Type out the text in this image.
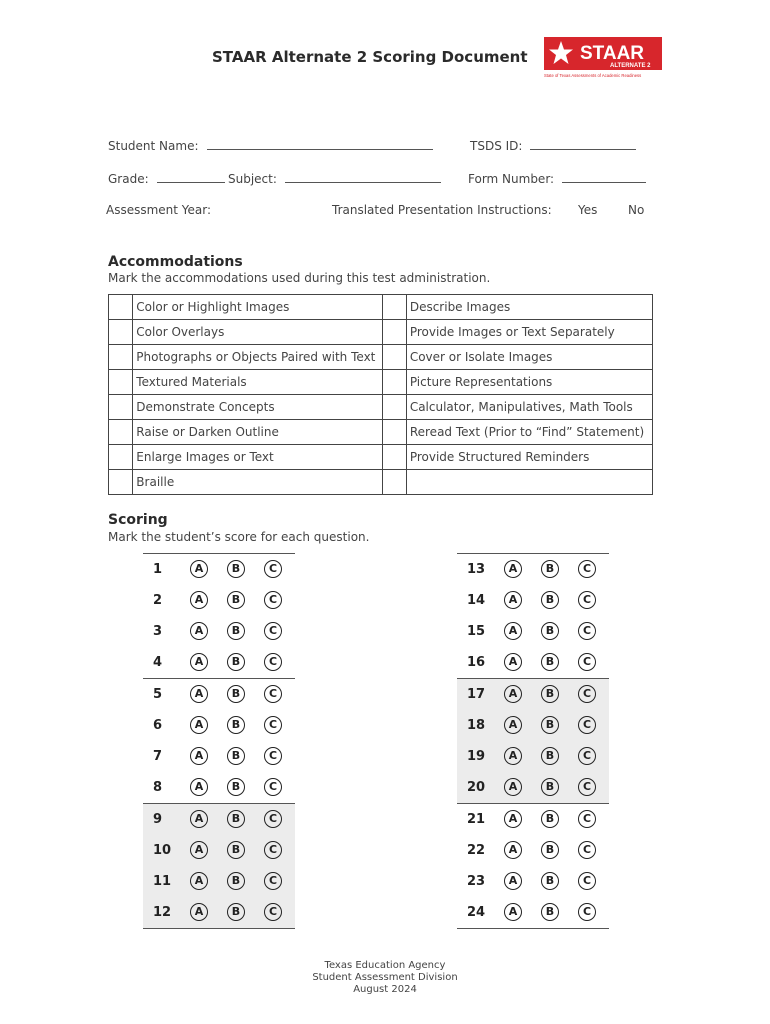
STAAR Alternate 2 Scoring Document	STAAR
ALTERNATE 2
State of Texas Assessments of Academic Readiness
Student Name:	TSDS ID:
Grade:	Subject:	Form Number:
Assessment Year:	Translated Presentation Instructions: Yes	No
Accommodations
Mark the accommodations used during this test administration.
	Color or Highlight Images		Describe Images
	Color Overlays		Provide Images or Text Separately
	Photographs or Objects Paired with Text		Cover or Isolate Images
	Textured Materials		Picture Representations
	Demonstrate Concepts		Calculator, Manipulatives, Math Tools
	Raise or Darken Outline		Reread Text (Prior to “Find” Statement)
	Enlarge Images or Text		Provide Structured Reminders
	Braille		
Scoring
Mark the student’s score for each question.
1	A	B	C
2	A	B	C
3	A	B	C
4	A	B	C
5	A	B	C
6	A	B	C
7	A	B	C
8	A	B	C
9	A	B	C
10	A	B	C
11	A	B	C
12	A	B	C
13	A	B	C
14	A	B	C
15	A	B	C
16	A	B	C
17	A	B	C
18	A	B	C
19	A	B	C
20	A	B	C
21	A	B	C
22	A	B	C
23	A	B	C
24	A	B	C
Texas Education Agency
Student Assessment Division
August 2024
